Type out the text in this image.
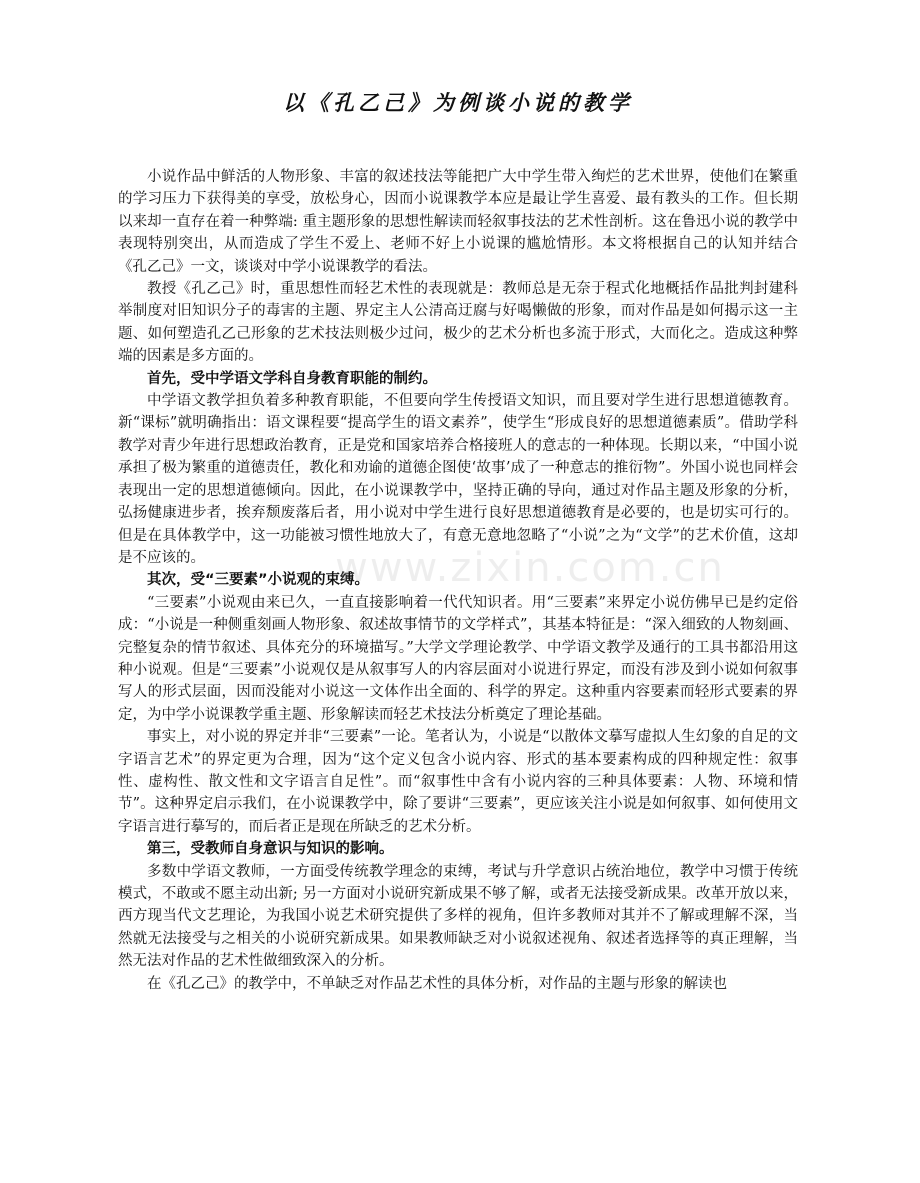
以《孔乙己》为例谈小说的教学

小说作品中鲜活的人物形象、丰富的叙述技法等能把广大中学生带入绚烂的艺术世界，使他们在繁重的学习压力下获得美的享受，放松身心，因而小说课教学本应是最让学生喜爱、最有教头的工作。但长期以来却一直存在着一种弊端: 重主题形象的思想性解读而轻叙事技法的艺术性剖析。这在鲁迅小说的教学中表现特别突出，从而造成了学生不爱上、老师不好上小说课的尴尬情形。本文将根据自己的认知并结合《孔乙己》一文，谈谈对中学小说课教学的看法。

教授《孔乙己》时，重思想性而轻艺术性的表现就是：教师总是无奈于程式化地概括作品批判封建科举制度对旧知识分子的毒害的主题、界定主人公清高迂腐与好喝懒做的形象，而对作品是如何揭示这一主题、如何塑造孔乙己形象的艺术技法则极少过问，极少的艺术分析也多流于形式，大而化之。造成这种弊端的因素是多方面的。

首先，受中学语文学科自身教育职能的制约。

中学语文教学担负着多种教育职能，不但要向学生传授语文知识，而且要对学生进行思想道德教育。新“课标”就明确指出：语文课程要“提高学生的语文素养”，使学生“形成良好的思想道德素质”。借助学科教学对青少年进行思想政治教育，正是党和国家培养合格接班人的意志的一种体现。长期以来，“中国小说承担了极为繁重的道德责任，教化和劝谕的道德企图使‘故事’成了一种意志的推衍物”。外国小说也同样会表现出一定的思想道德倾向。因此，在小说课教学中，坚持正确的导向，通过对作品主题及形象的分析，弘扬健康进步者，挨弃颓废落后者，用小说对中学生进行良好思想道德教育是必要的，也是切实可行的。但是在具体教学中，这一功能被习惯性地放大了，有意无意地忽略了“小说”之为“文学”的艺术价值，这却是不应该的。

其次，受“三要素”小说观的束缚。

“三要素”小说观由来已久，一直直接影响着一代代知识者。用“三要素”来界定小说仿佛早已是约定俗成：“小说是一种侧重刻画人物形象、叙述故事情节的文学样式”，其基本特征是：“深入细致的人物刻画、完整复杂的情节叙述、具体充分的环境描写。”大学文学理论教学、中学语文教学及通行的工具书都沿用这种小说观。但是“三要素”小说观仅是从叙事写人的内容层面对小说进行界定，而没有涉及到小说如何叙事写人的形式层面，因而没能对小说这一文体作出全面的、科学的界定。这种重内容要素而轻形式要素的界定，为中学小说课教学重主题、形象解读而轻艺术技法分析奠定了理论基础。

事实上，对小说的界定并非“三要素”一论。笔者认为，小说是“以散体文摹写虚拟人生幻象的自足的文字语言艺术”的界定更为合理，因为“这个定义包含小说内容、形式的基本要素构成的四种规定性：叙事性、虚构性、散文性和文字语言自足性”。而“叙事性中含有小说内容的三种具体要素：人物、环境和情节”。这种界定启示我们，在小说课教学中，除了要讲“三要素”，更应该关注小说是如何叙事、如何使用文字语言进行摹写的，而后者正是现在所缺乏的艺术分析。

第三，受教师自身意识与知识的影响。

多数中学语文教师，一方面受传统教学理念的束缚，考试与升学意识占统治地位，教学中习惯于传统模式，不敢或不愿主动出新; 另一方面对小说研究新成果不够了解，或者无法接受新成果。改革开放以来，西方现当代文艺理论，为我国小说艺术研究提供了多样的视角，但许多教师对其并不了解或理解不深，当然就无法接受与之相关的小说研究新成果。如果教师缺乏对小说叙述视角、叙述者选择等的真正理解，当然无法对作品的艺术性做细致深入的分析。

在《孔乙己》的教学中，不单缺乏对作品艺术性的具体分析，对作品的主题与形象的解读也

www.zixin.com.cn
